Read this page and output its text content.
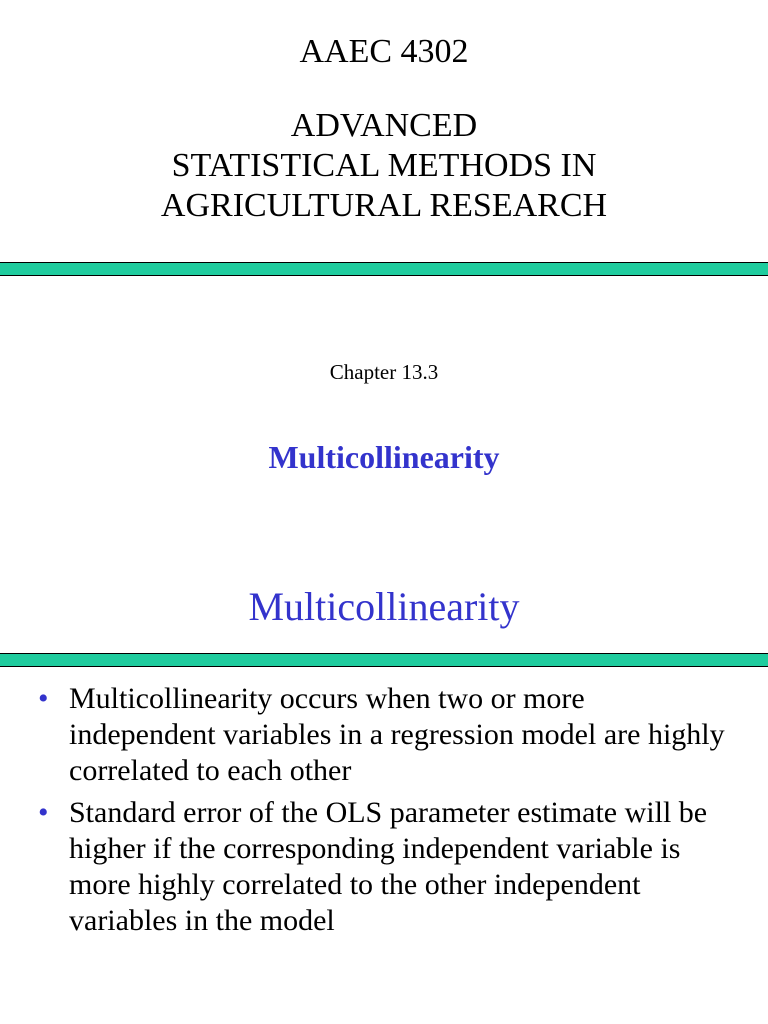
AAEC 4302
ADVANCED
STATISTICAL METHODS IN
AGRICULTURAL RESEARCH
Chapter 13.3
Multicollinearity
Multicollinearity
• Multicollinearity occurs when two or more independent variables in a regression model are highly correlated to each other
• Standard error of the OLS parameter estimate will be higher if the corresponding independent variable is more highly correlated to the other independent variables in the model
